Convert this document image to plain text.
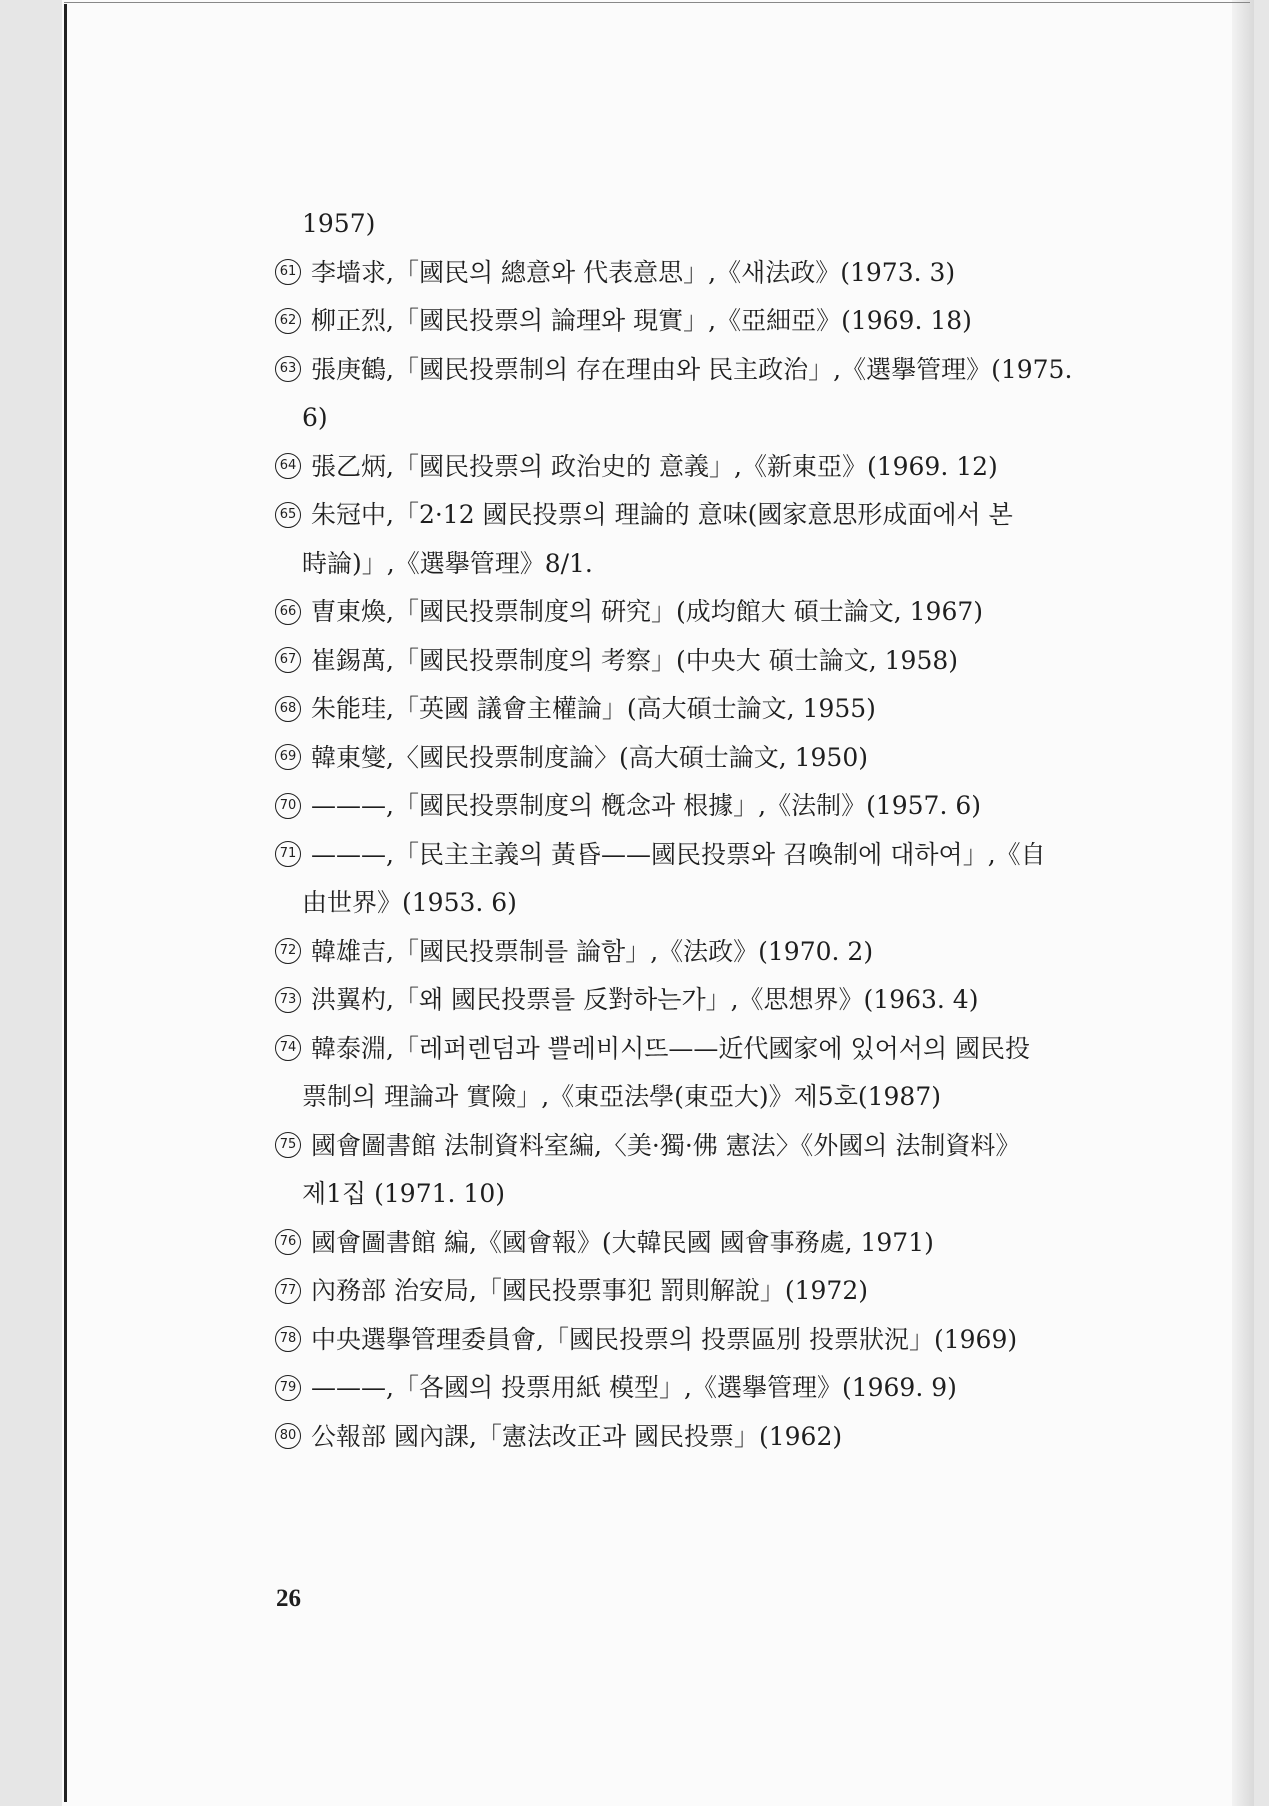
1957)
61 李墙求,「國民의 總意와 代表意思」,《새法政》(1973. 3)
62 柳正烈,「國民投票의 論理와 現實」,《亞細亞》(1969. 18)
63 張庚鶴,「國民投票制의 存在理由와 民主政治」,《選擧管理》(1975.
6)
64 張乙炳,「國民投票의 政治史的 意義」,《新東亞》(1969. 12)
65 朱冠中,「2·12 國民投票의 理論的 意味(國家意思形成面에서 본
時論)」,《選擧管理》8/1.
66 曺東煥,「國民投票制度의 硏究」(成均館大 碩士論文, 1967)
67 崔錫萬,「國民投票制度의 考察」(中央大 碩士論文, 1958)
68 朱能珪,「英國 議會主權論」(高大碩士論文, 1955)
69 韓東燮,〈國民投票制度論〉(高大碩士論文, 1950)
70 ———,「國民投票制度의 槪念과 根據」,《法制》(1957. 6)
71 ———,「民主主義의 黃昏——國民投票와 召喚制에 대하여」,《自
由世界》(1953. 6)
72 韓雄吉,「國民投票制를 論함」,《法政》(1970. 2)
73 洪翼杓,「왜 國民投票를 反對하는가」,《思想界》(1963. 4)
74 韓泰淵,「레퍼렌덤과 쁠레비시뜨——近代國家에 있어서의 國民投
票制의 理論과 實險」,《東亞法學(東亞大)》제5호(1987)
75 國會圖書館 法制資料室編,〈美·獨·佛 憲法〉《外國의 法制資料》
제1집 (1971. 10)
76 國會圖書館 編,《國會報》(大韓民國 國會事務處, 1971)
77 內務部 治安局,「國民投票事犯 罰則解說」(1972)
78 中央選擧管理委員會,「國民投票의 投票區別 投票狀況」(1969)
79 ———,「各國의 投票用紙 模型」,《選擧管理》(1969. 9)
80 公報部 國內課,「憲法改正과 國民投票」(1962)
26
